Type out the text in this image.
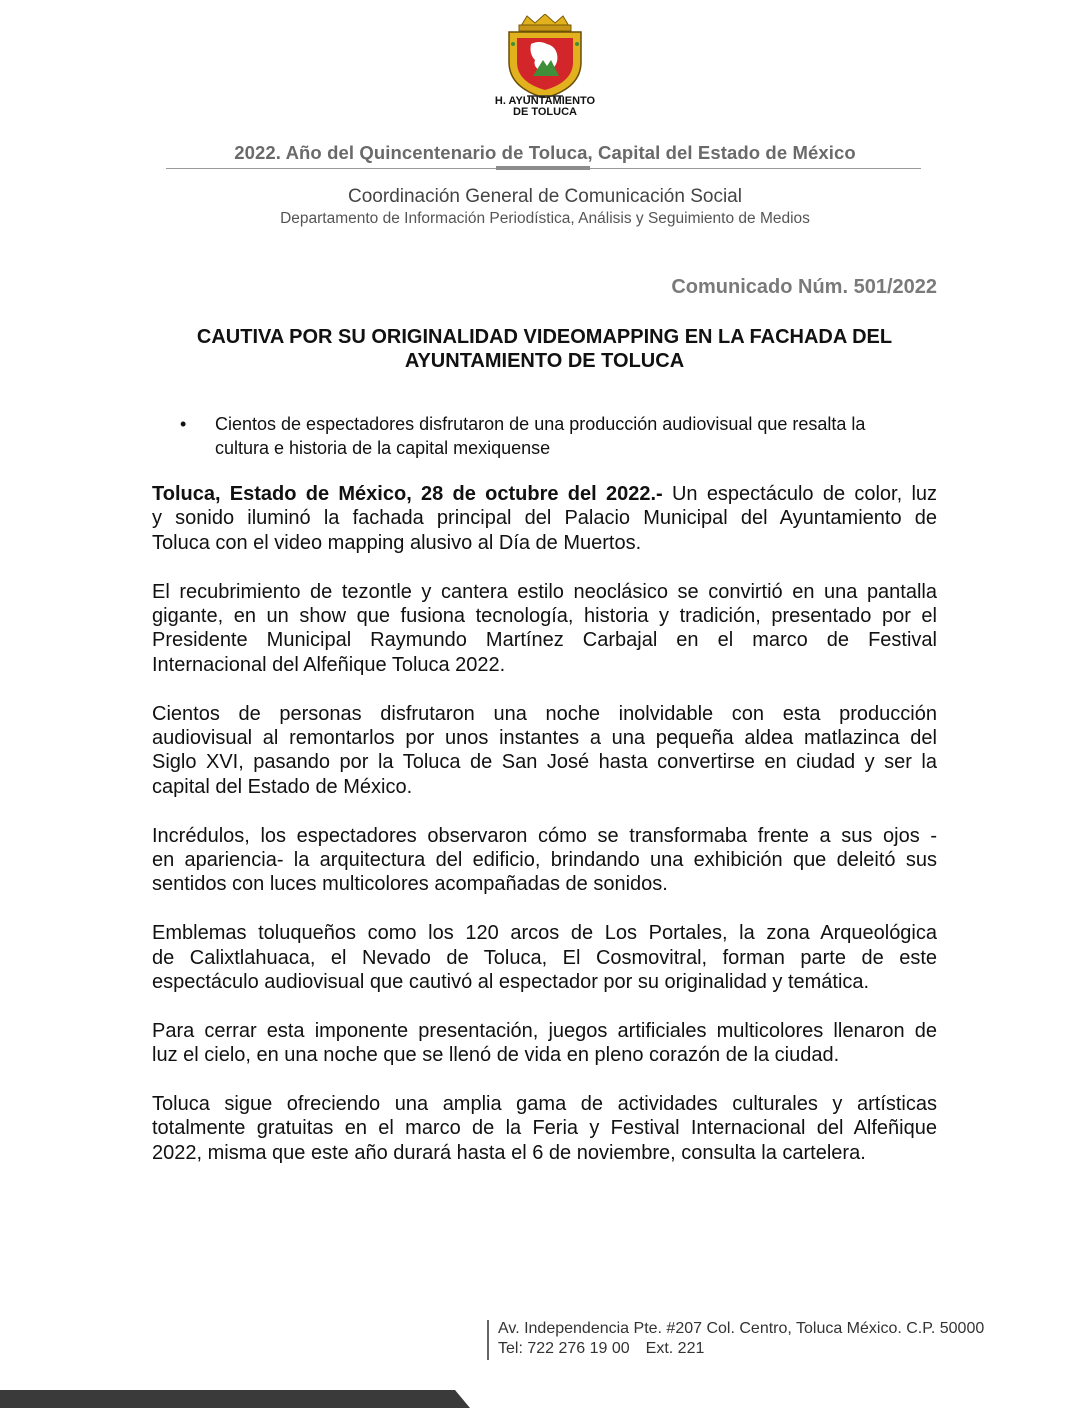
H. AYUNTAMIENTO
DE TOLUCA
2022. Año del Quincentenario de Toluca, Capital del Estado de México
Coordinación General de Comunicación Social
Departamento de Información Periodística, Análisis y Seguimiento de Medios
Comunicado Núm. 501/2022
CAUTIVA POR SU ORIGINALIDAD VIDEOMAPPING EN LA FACHADA DEL
AYUNTAMIENTO DE TOLUCA
• Cientos de espectadores disfrutaron de una producción audiovisual que resalta la
cultura e historia de la capital mexiquense
Toluca, Estado de México, 28 de octubre del 2022.- Un espectáculo de color, luz
y sonido iluminó la fachada principal del Palacio Municipal del Ayuntamiento de
Toluca con el video mapping alusivo al Día de Muertos.
El recubrimiento de tezontle y cantera estilo neoclásico se convirtió en una pantalla
gigante, en un show que fusiona tecnología, historia y tradición, presentado por el
Presidente Municipal Raymundo Martínez Carbajal en el marco de Festival
Internacional del Alfeñique Toluca 2022.
Cientos de personas disfrutaron una noche inolvidable con esta producción
audiovisual al remontarlos por unos instantes a una pequeña aldea matlazinca del
Siglo XVI, pasando por la Toluca de San José hasta convertirse en ciudad y ser la
capital del Estado de México.
Incrédulos, los espectadores observaron cómo se transformaba frente a sus ojos -
en apariencia- la arquitectura del edificio, brindando una exhibición que deleitó sus
sentidos con luces multicolores acompañadas de sonidos.
Emblemas toluqueños como los 120 arcos de Los Portales, la zona Arqueológica
de Calixtlahuaca, el Nevado de Toluca, El Cosmovitral, forman parte de este
espectáculo audiovisual que cautivó al espectador por su originalidad y temática.
Para cerrar esta imponente presentación, juegos artificiales multicolores llenaron de
luz el cielo, en una noche que se llenó de vida en pleno corazón de la ciudad.
Toluca sigue ofreciendo una amplia gama de actividades culturales y artísticas
totalmente gratuitas en el marco de la Feria y Festival Internacional del Alfeñique
2022, misma que este año durará hasta el 6 de noviembre, consulta la cartelera.
Av. Independencia Pte. #207 Col. Centro, Toluca México. C.P. 50000
Tel: 722 276 19 00 Ext. 221
